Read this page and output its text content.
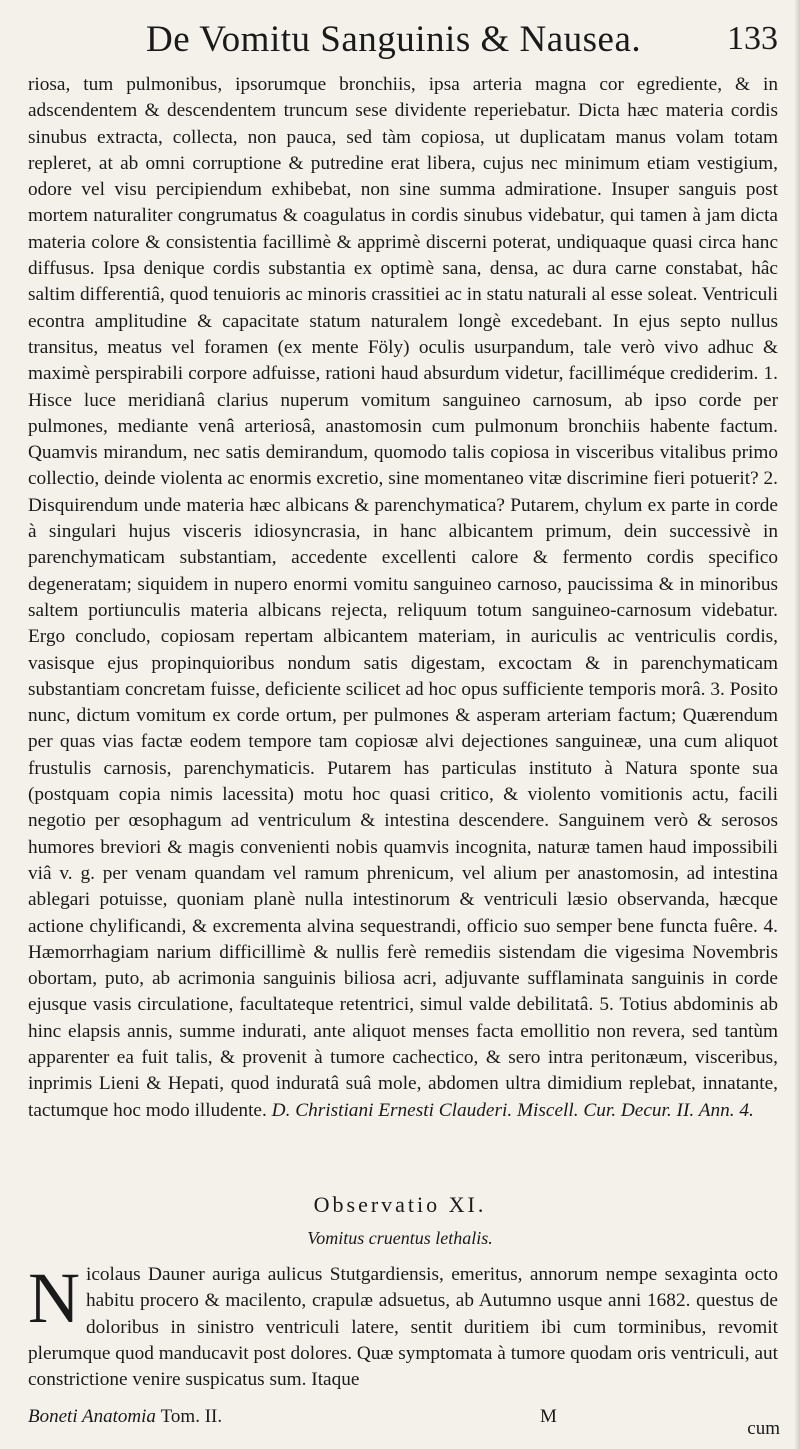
De Vomitu Sanguinis & Nausea.	133

riosa, tum pulmonibus, ipsorumque bronchiis, ipsa arteria magna cor egrediente, & in adscendentem & descendentem truncum sese dividente reperiebatur. Dicta hæc materia cordis sinubus extracta, collecta, non pauca, sed tàm copiosa, ut duplicatam manus volam totam repleret, at ab omni corruptione & putredine erat libera, cujus nec minimum etiam vestigium, odore vel visu percipiendum exhibebat, non sine summa admiratione. Insuper sanguis post mortem naturaliter congrumatus & coagulatus in cordis sinubus videbatur, qui tamen à jam dicta materia colore & consistentia facillimè & apprimè discerni poterat, undiquaque quasi circa hanc diffusus. Ipsa denique cordis substantia ex optimè sana, densa, ac dura carne constabat, hâc saltim differentiâ, quod tenuioris ac minoris crassitiei ac in statu naturali al esse soleat. Ventriculi econtra amplitudine & capacitate statum naturalem longè excedebant. In ejus septo nullus transitus, meatus vel foramen (ex mente Föly) oculis usurpandum, tale verò vivo adhuc & maximè perspirabili corpore adfuisse, rationi haud absurdum videtur, facilliméque crediderim. 1. Hisce luce meridianâ clarius nuperum vomitum sanguineo carnosum, ab ipso corde per pulmones, mediante venâ arteriosâ, anastomosin cum pulmonum bronchiis habente factum. Quamvis mirandum, nec satis demirandum, quomodo talis copiosa in visceribus vitalibus primo collectio, deinde violenta ac enormis excretio, sine momentaneo vitæ discrimine fieri potuerit? 2. Disquirendum unde materia hæc albicans & parenchymatica? Putarem, chylum ex parte in corde à singulari hujus visceris idiosyncrasia, in hanc albicantem primum, dein successivè in parenchymaticam substantiam, accedente excellenti calore & fermento cordis specifico degeneratam; siquidem in nupero enormi vomitu sanguineo carnoso, paucissima & in minoribus saltem portiunculis materia albicans rejecta, reliquum totum sanguineo-carnosum videbatur. Ergo concludo, copiosam repertam albicantem materiam, in auriculis ac ventriculis cordis, vasisque ejus propinquioribus nondum satis digestam, excoctam & in parenchymaticam substantiam concretam fuisse, deficiente scilicet ad hoc opus sufficiente temporis morâ. 3. Posito nunc, dictum vomitum ex corde ortum, per pulmones & asperam arteriam factum; Quærendum per quas vias factæ eodem tempore tam copiosæ alvi dejectiones sanguineæ, una cum aliquot frustulis carnosis, parenchymaticis. Putarem has particulas instituto à Natura sponte sua (postquam copia nimis lacessita) motu hoc quasi critico, & violento vomitionis actu, facili negotio per œsophagum ad ventriculum & intestina descendere. Sanguinem verò & serosos humores breviori & magis convenienti nobis quamvis incognita, naturæ tamen haud impossibili viâ v. g. per venam quandam vel ramum phrenicum, vel alium per anastomosin, ad intestina ablegari potuisse, quoniam planè nulla intestinorum & ventriculi læsio observanda, hæcque actione chylificandi, & excrementa alvina sequestrandi, officio suo semper bene functa fuêre. 4. Hæmorrhagiam narium difficillimè & nullis ferè remediis sistendam die vigesima Novembris obortam, puto, ab acrimonia sanguinis biliosa acri, adjuvante sufflaminata sanguinis in corde ejusque vasis circulatione, facultateque retentrici, simul valde debilitatâ. 5. Totius abdominis ab hinc elapsis annis, summe indurati, ante aliquot menses facta emollitio non revera, sed tantùm apparenter ea fuit talis, & provenit à tumore cachectico, & sero intra peritonæum, visceribus, inprimis Lieni & Hepati, quod induratâ suâ mole, abdomen ultra dimidium replebat, innatante, tactumque hoc modo illudente. D. Christiani Ernesti Clauderi. Miscell. Cur. Decur. II. Ann. 4.

Observatio XI.
Vomitus cruentus lethalis.
N icolaus Dauner auriga aulicus Stutgardiensis, emeritus, annorum nempe sexaginta octo habitu procero & macilento, crapulæ adsuetus, ab Autumno usque anni 1682. questus de doloribus in sinistro ventriculi latere, sentit duritiem ibi cum torminibus, revomit plerumque quod manducavit post dolores. Quæ symptomata à tumore quodam oris ventriculi, aut constrictione venire suspicatus sum. Itaque
Boneti Anatomia Tom. II.	M
cum
